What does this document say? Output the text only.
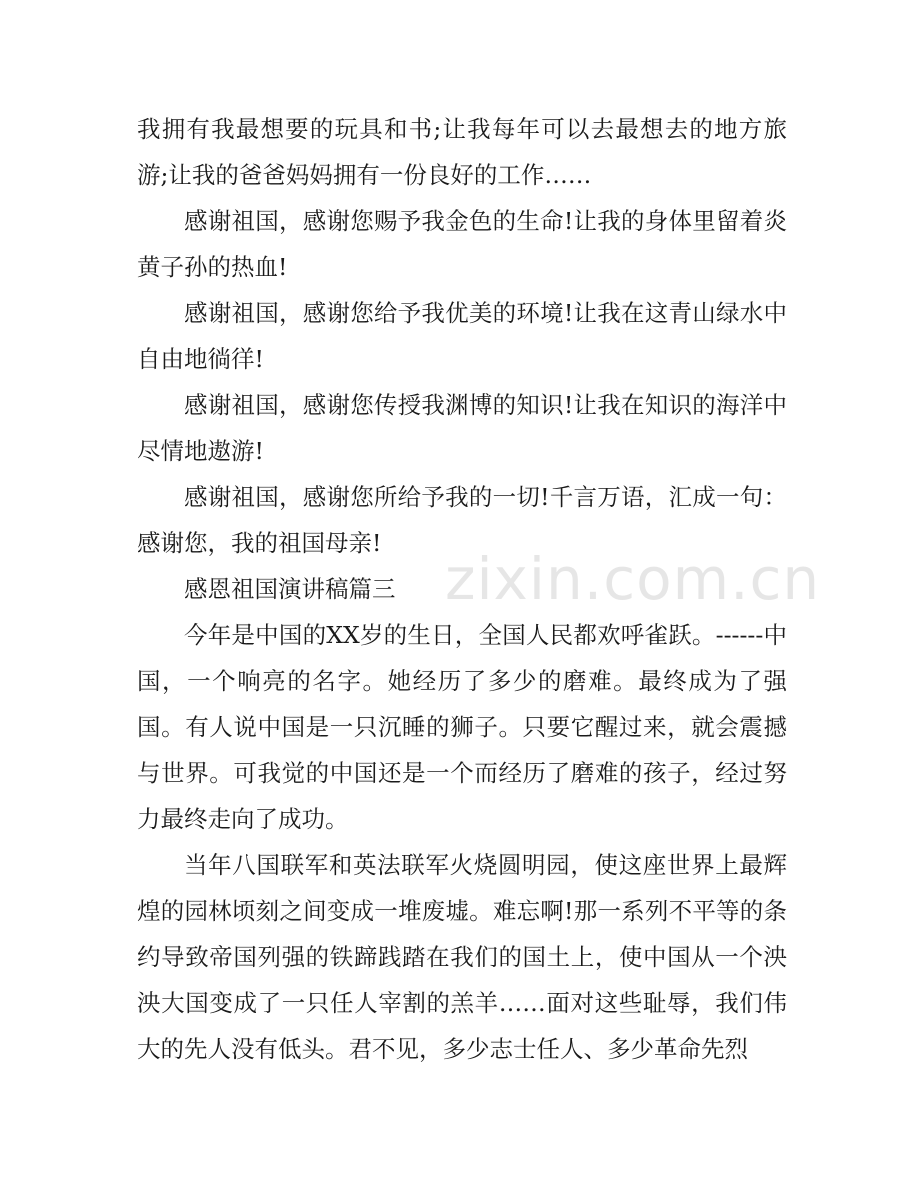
我拥有我最想要的玩具和书;让我每年可以去最想去的地方旅游;让我的爸爸妈妈拥有一份良好的工作……

感谢祖国，感谢您赐予我金色的生命!让我的身体里留着炎黄子孙的热血!

感谢祖国，感谢您给予我优美的环境!让我在这青山绿水中自由地徜徉!

感谢祖国，感谢您传授我渊博的知识!让我在知识的海洋中尽情地遨游!

感谢祖国，感谢您所给予我的一切!千言万语，汇成一句：感谢您，我的祖国母亲!

感恩祖国演讲稿篇三

今年是中国的XX岁的生日，全国人民都欢呼雀跃。------中国，一个响亮的名字。她经历了多少的磨难。最终成为了强国。有人说中国是一只沉睡的狮子。只要它醒过来，就会震撼与世界。可我觉的中国还是一个而经历了磨难的孩子，经过努力最终走向了成功。

当年八国联军和英法联军火烧圆明园，使这座世界上最辉煌的园林顷刻之间变成一堆废墟。难忘啊!那一系列不平等的条约导致帝国列强的铁蹄践踏在我们的国土上，使中国从一个泱泱大国变成了一只任人宰割的羔羊……面对这些耻辱，我们伟大的先人没有低头。君不见，多少志士任人、多少革命先烈

zixin.com.cn
